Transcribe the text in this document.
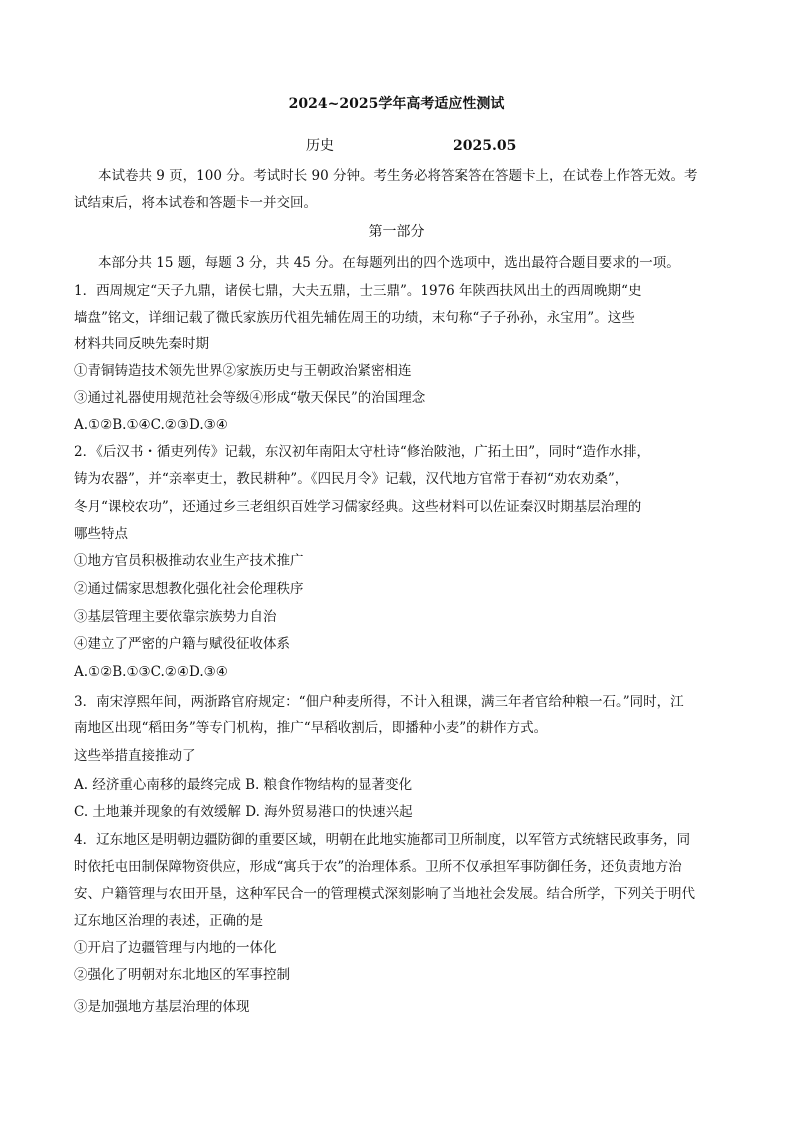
2024~2025学年高考适应性测试
历史	2025.05
本试卷共 9 页，100 分。考试时长 90 分钟。考生务必将答案答在答题卡上，在试卷上作答无效。考
试结束后，将本试卷和答题卡一并交回。
第一部分
本部分共 15 题，每题 3 分，共 45 分。在每题列出的四个选项中，选出最符合题目要求的一项。
1．西周规定“天子九鼎，诸侯七鼎，大夫五鼎，士三鼎”。1976 年陕西扶风出土的西周晚期“史
墙盘”铭文，详细记载了微氏家族历代祖先辅佐周王的功绩，末句称“子子孙孙，永宝用”。这些
材料共同反映先秦时期
①青铜铸造技术领先世界②家族历史与王朝政治紧密相连
③通过礼器使用规范社会等级④形成“敬天保民”的治国理念
A.①②B.①④C.②③D.③④
2．《后汉书・循吏列传》记载，东汉初年南阳太守杜诗“修治陂池，广拓土田”，同时“造作水排，
铸为农器”，并“亲率吏士，教民耕种”。《四民月令》记载，汉代地方官常于春初“劝农劝桑”，
冬月“课校农功”，还通过乡三老组织百姓学习儒家经典。这些材料可以佐证秦汉时期基层治理的
哪些特点
①地方官员积极推动农业生产技术推广
②通过儒家思想教化强化社会伦理秩序
③基层管理主要依靠宗族势力自治
④建立了严密的户籍与赋役征收体系
A.①②B.①③C.②④D.③④
3．南宋淳熙年间，两浙路官府规定：“佃户种麦所得，不计入租课，满三年者官给种粮一石。”同时，江
南地区出现“稻田务”等专门机构，推广“早稻收割后，即播种小麦”的耕作方式。
这些举措直接推动了
A. 经济重心南移的最终完成 B. 粮食作物结构的显著变化
C. 土地兼并现象的有效缓解 D. 海外贸易港口的快速兴起
4．辽东地区是明朝边疆防御的重要区域，明朝在此地实施都司卫所制度，以军管方式统辖民政事务，同
时依托屯田制保障物资供应，形成“寓兵于农”的治理体系。卫所不仅承担军事防御任务，还负责地方治
安、户籍管理与农田开垦，这种军民合一的管理模式深刻影响了当地社会发展。结合所学，下列关于明代
辽东地区治理的表述，正确的是
①开启了边疆管理与内地的一体化
②强化了明朝对东北地区的军事控制
③是加强地方基层治理的体现
